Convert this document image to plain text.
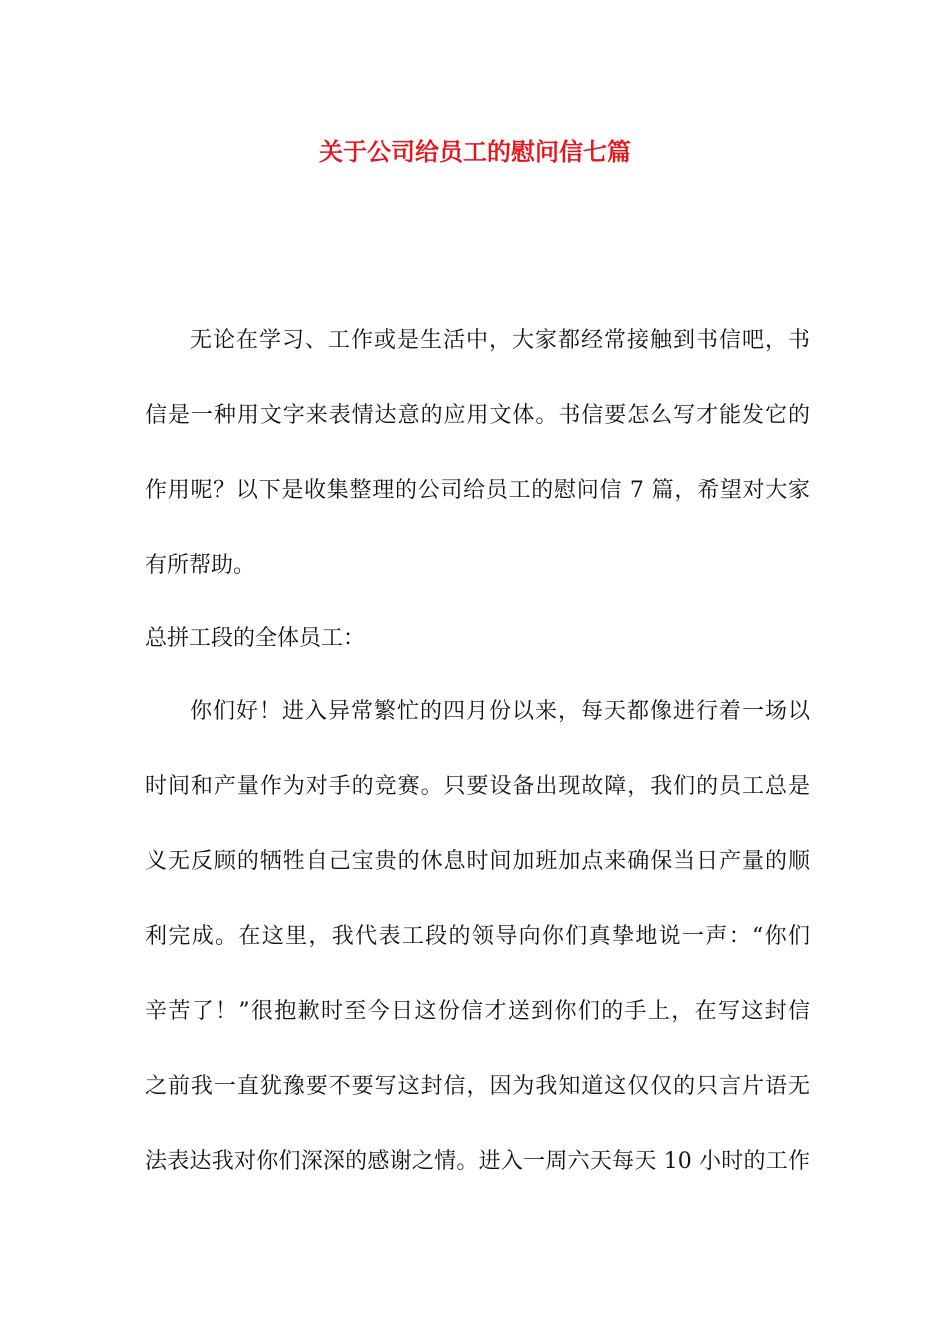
关于公司给员工的慰问信七篇
无论在学习、工作或是生活中，大家都经常接触到书信吧，书
信是一种用文字来表情达意的应用文体。书信要怎么写才能发它的
作用呢？以下是收集整理的公司给员工的慰问信 7 篇，希望对大家
有所帮助。
总拼工段的全体员工：
你们好！进入异常繁忙的四月份以来，每天都像进行着一场以
时间和产量作为对手的竞赛。只要设备出现故障，我们的员工总是
义无反顾的牺牲自己宝贵的休息时间加班加点来确保当日产量的顺
利完成。在这里，我代表工段的领导向你们真挚地说一声：“你们
辛苦了！”很抱歉时至今日这份信才送到你们的手上，在写这封信
之前我一直犹豫要不要写这封信，因为我知道这仅仅的只言片语无
法表达我对你们深深的感谢之情。进入一周六天每天 10 小时的工作
